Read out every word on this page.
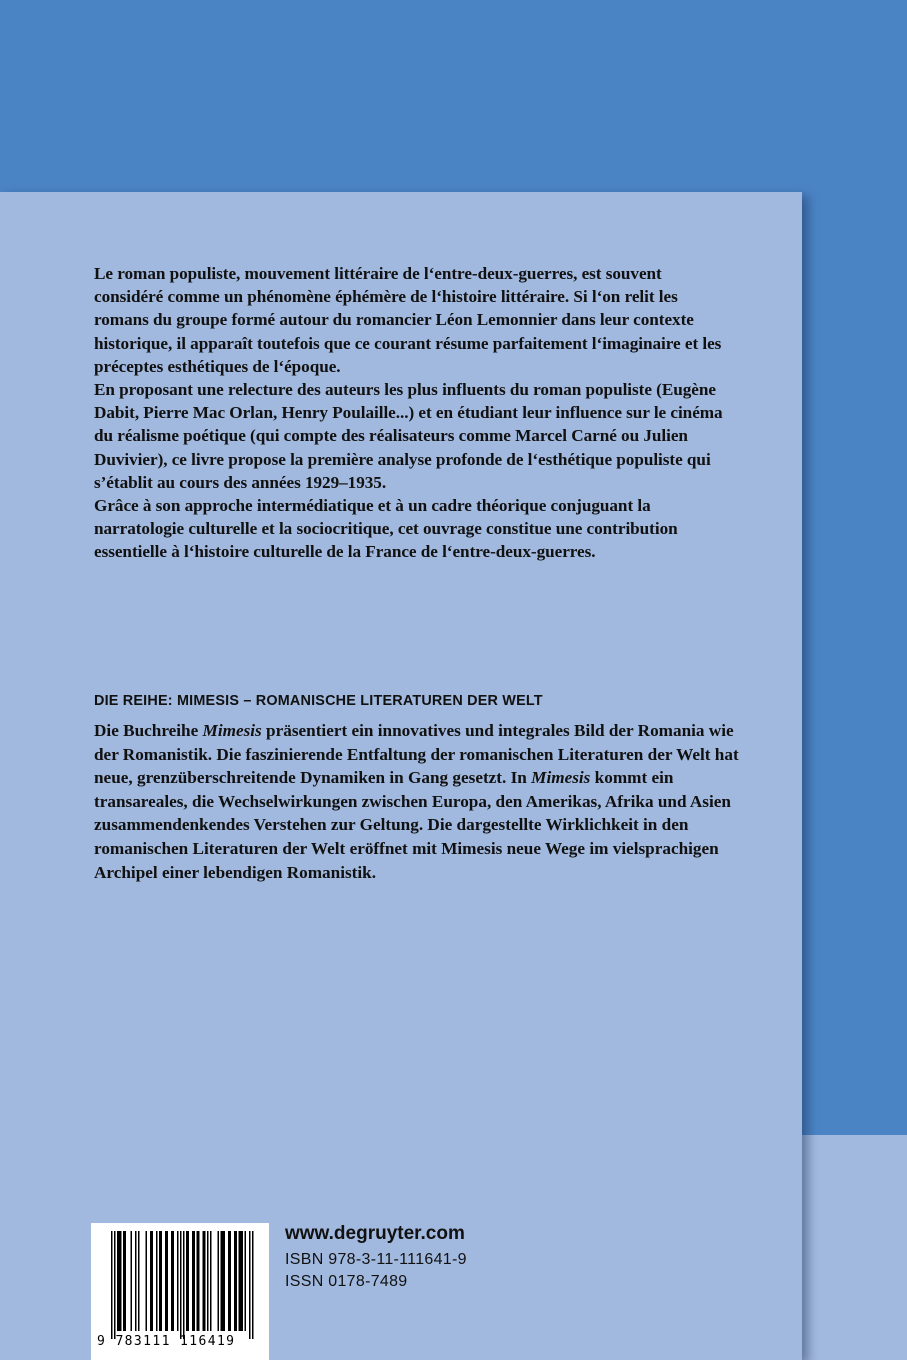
Le roman populiste, mouvement littéraire de l‘entre-deux-guerres, est souvent considéré comme un phénomène éphémère de l‘histoire littéraire. Si l‘on relit les romans du groupe formé autour du romancier Léon Lemonnier dans leur contexte historique, il apparaît toutefois que ce courant résume parfaitement l‘imaginaire et les préceptes esthétiques de l‘époque.

En proposant une relecture des auteurs les plus influents du roman populiste (Eugène Dabit, Pierre Mac Orlan, Henry Poulaille...) et en étudiant leur influence sur le cinéma du réalisme poétique (qui compte des réalisateurs comme Marcel Carné ou Julien Duvivier), ce livre propose la première analyse profonde de l‘esthétique populiste qui s’établit au cours des années 1929–1935.

Grâce à son approche intermédiatique et à un cadre théorique conjuguant la narratologie culturelle et la sociocritique, cet ouvrage constitue une contribution essentielle à l‘histoire culturelle de la France de l‘entre-deux-guerres.

DIE REIHE: MIMESIS – ROMANISCHE LITERATUREN DER WELT

Die Buchreihe Mimesis präsentiert ein innovatives und integrales Bild der Romania wie der Romanistik. Die faszinierende Entfaltung der romanischen Literaturen der Welt hat neue, grenzüberschreitende Dynamiken in Gang gesetzt. In Mimesis kommt ein transareales, die Wechselwirkungen zwischen Europa, den Amerikas, Afrika und Asien zusammendenkendes Verstehen zur Geltung. Die dargestellte Wirklichkeit in den romanischen Literaturen der Welt eröffnet mit Mimesis neue Wege im vielsprachigen Archipel einer lebendigen Romanistik.

9 783111 116419
www.degruyter.com
ISBN 978-3-11-111641-9
ISSN 0178-7489
